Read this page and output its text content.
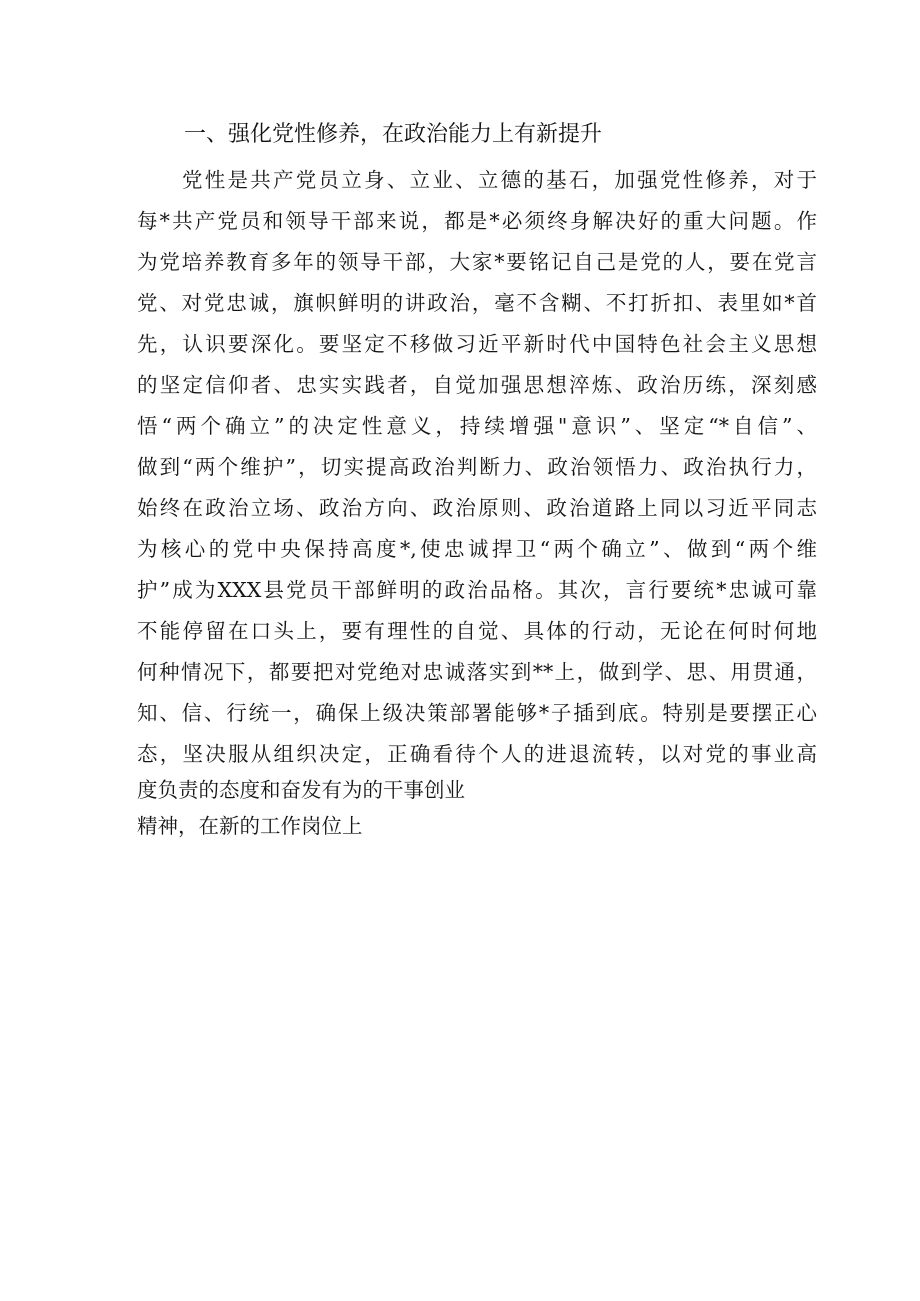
一、强化党性修养，在政治能力上有新提升
党性是共产党员立身、立业、立德的基石，加强党性修养，对于
每*共产党员和领导干部来说，都是*必须终身解决好的重大问题。作
为党培养教育多年的领导干部，大家*要铭记自己是党的人，要在党言
党、对党忠诚，旗帜鲜明的讲政治，毫不含糊、不打折扣、表里如*首
先，认识要深化。要坚定不移做习近平新时代中国特色社会主义思想
的坚定信仰者、忠实实践者，自觉加强思想淬炼、政治历练，深刻感
悟“两个确立”的决定性意义，持续增强"意识”、坚定“*自信”、
做到“两个维护”，切实提高政治判断力、政治领悟力、政治执行力，
始终在政治立场、政治方向、政治原则、政治道路上同以习近平同志
为核心的党中央保持高度*,使忠诚捍卫“两个确立”、做到“两个维
护”成为XXX县党员干部鲜明的政治品格。其次，言行要统*忠诚可靠
不能停留在口头上，要有理性的自觉、具体的行动，无论在何时何地
何种情况下，都要把对党绝对忠诚落实到**上，做到学、思、用贯通，
知、信、行统一，确保上级决策部署能够*子插到底。特别是要摆正心
态，坚决服从组织决定，正确看待个人的进退流转，以对党的事业高
度负责的态度和奋发有为的干事创业
精神，在新的工作岗位上
